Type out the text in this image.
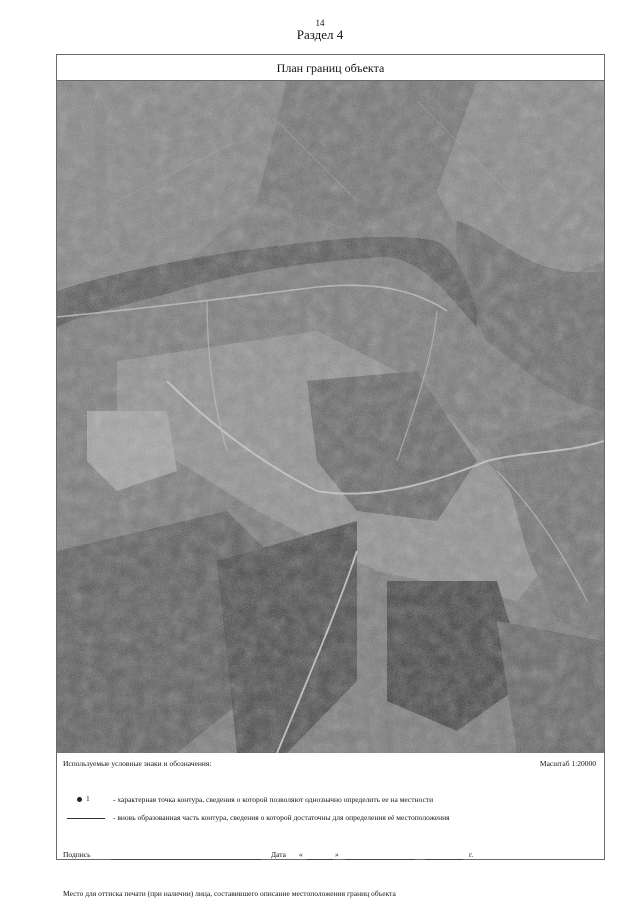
14
Раздел 4
План границ объекта
Используемые условные знаки и обозначения:	Масштаб 1:20000
1	- характерная точка контура, сведения о которой позволяют однозначно определить ее на местности
- вновь образованная часть контура, сведения о которой достаточны для определения её местоположения
Подпись	Дата «	»	г.
Место для оттиска печати (при наличии) лица, составившего описание местоположения границ объекта
